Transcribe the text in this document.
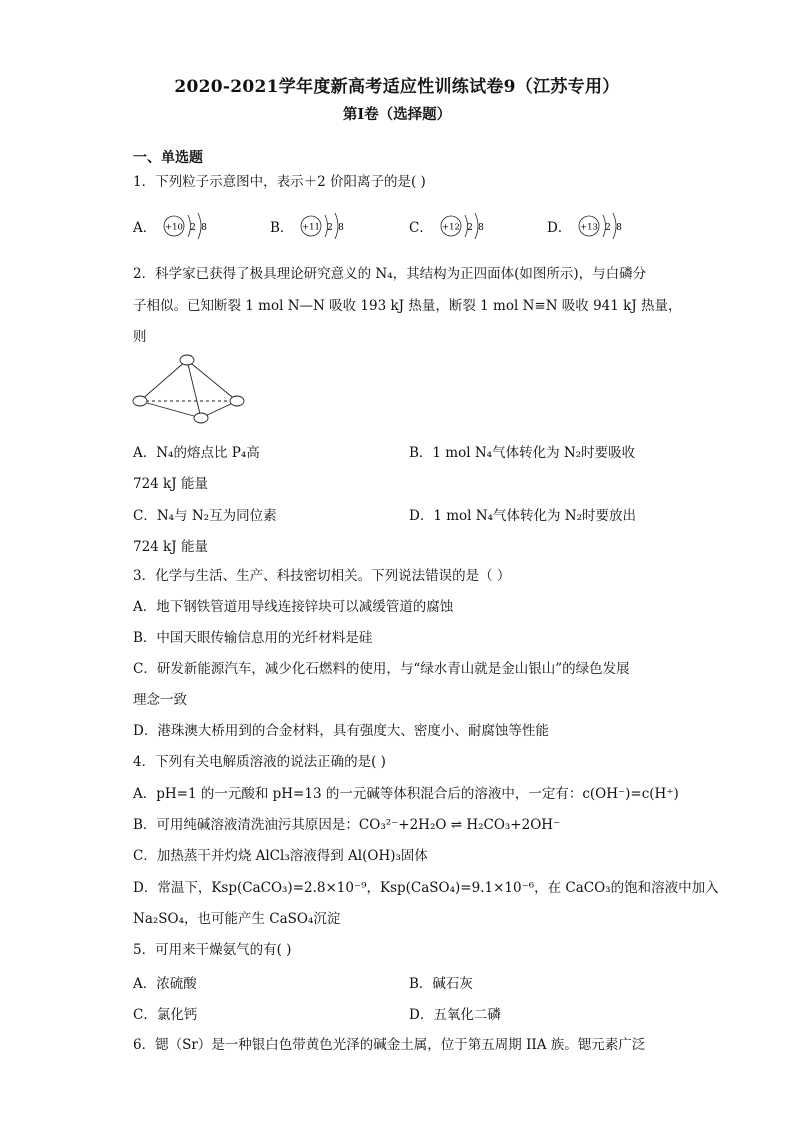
2020-2021学年度新高考适应性训练试卷9（江苏专用）
第I卷（选择题）
一、单选题
1．下列粒子示意图中，表示＋2 价阳离子的是( )
A． +10 2 8	B． +11 2 8	C． +12 2 8	D． +13 2 8
2．科学家已获得了极具理论研究意义的 N₄，其结构为正四面体(如图所示)，与白磷分
子相似。已知断裂 1 mol N—N 吸收 193 kJ 热量，断裂 1 mol N≡N 吸收 941 kJ 热量，
则
A．N₄的熔点比 P₄高	B．1 mol N₄气体转化为 N₂时要吸收
724 kJ 能量
C．N₄与 N₂互为同位素	D．1 mol N₄气体转化为 N₂时要放出
724 kJ 能量
3．化学与生活、生产、科技密切相关。下列说法错误的是（ ）
A．地下钢铁管道用导线连接锌块可以减缓管道的腐蚀
B．中国天眼传输信息用的光纤材料是硅
C．研发新能源汽车，减少化石燃料的使用，与“绿水青山就是金山银山”的绿色发展
理念一致
D．港珠澳大桥用到的合金材料，具有强度大、密度小、耐腐蚀等性能
4．下列有关电解质溶液的说法正确的是( )
A．pH=1 的一元酸和 pH=13 的一元碱等体积混合后的溶液中，一定有：c(OH⁻)=c(H⁺)
B．可用纯碱溶液清洗油污其原因是：CO₃²⁻+2H₂O ⇌ H₂CO₃+2OH⁻
C．加热蒸干并灼烧 AlCl₃溶液得到 Al(OH)₃固体
D．常温下，Ksp(CaCO₃)=2.8×10⁻⁹，Ksp(CaSO₄)=9.1×10⁻⁶，在 CaCO₃的饱和溶液中加入
Na₂SO₄，也可能产生 CaSO₄沉淀
5．可用来干燥氨气的有( )
A．浓硫酸	B．碱石灰
C．氯化钙	D．五氧化二磷
6．锶（Sr）是一种银白色带黄色光泽的碱金土属，位于第五周期 IIA 族。锶元素广泛
